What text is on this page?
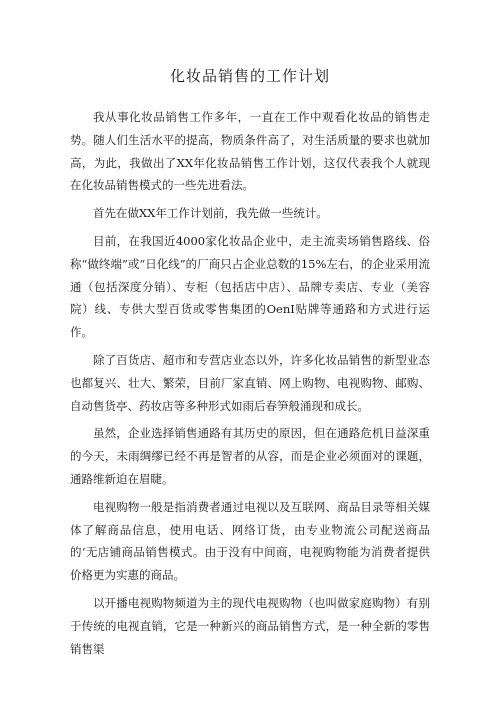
化妆品销售的工作计划

我从事化妆品销售工作多年，一直在工作中观看化妆品的销售走势。随人们生活水平的提高，物质条件高了，对生活质量的要求也就加高，为此，我做出了XX年化妆品销售工作计划，这仅代表我个人就现在化妆品销售模式的一些先进看法。

首先在做XX年工作计划前，我先做一些统计。

目前，在我国近4000家化妆品企业中，走主流卖场销售路线、俗称“做终端”或“日化线”的厂商只占企业总数的15%左右，的企业采用流通（包括深度分销）、专柜（包括店中店）、品牌专卖店、专业（美容院）线、专供大型百货或零售集团的OenI贴牌等通路和方式进行运作。

除了百货店、超市和专营店业态以外，许多化妆品销售的新型业态也都复兴、壮大、繁荣，目前厂家直销、网上购物、电视购物、邮购、自动售货亭、药妆店等多种形式如雨后春笋般涌现和成长。

虽然，企业选择销售通路有其历史的原因，但在通路危机日益深重的今天，未雨绸缪已经不再是智者的从容，而是企业必须面对的课题，通路维新迫在眉睫。

电视购物一般是指消费者通过电视以及互联网、商品目录等相关媒体了解商品信息，使用电话、网络订货，由专业物流公司配送商品的’无店铺商品销售模式。由于没有中间商，电视购物能为消费者提供价格更为实惠的商品。

以开播电视购物频道为主的现代电视购物（也叫做家庭购物）有别于传统的电视直销，它是一种新兴的商品销售方式，是一种全新的零售销售渠
